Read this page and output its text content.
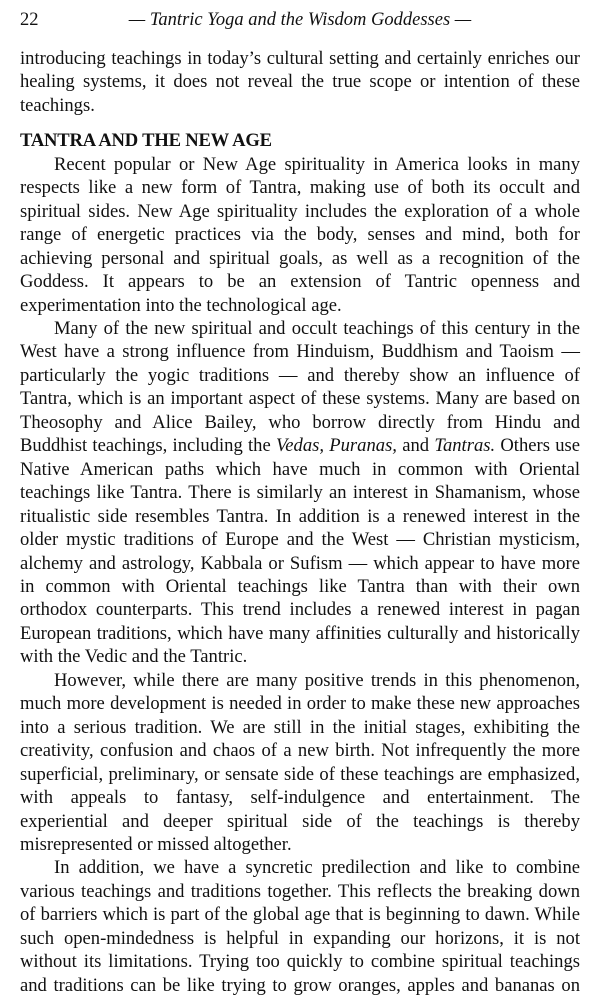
22	— Tantric Yoga and the Wisdom Goddesses —

introducing teachings in today’s cultural setting and certainly enriches our healing systems, it does not reveal the true scope or intention of these teachings.

TANTRA AND THE NEW AGE

Recent popular or New Age spirituality in America looks in many respects like a new form of Tantra, making use of both its occult and spiritual sides. New Age spirituality includes the exploration of a whole range of energetic practices via the body, senses and mind, both for achieving personal and spiritual goals, as well as a recognition of the Goddess. It appears to be an extension of Tantric openness and experimentation into the technological age.

Many of the new spiritual and occult teachings of this century in the West have a strong influence from Hinduism, Buddhism and Taoism — particularly the yogic traditions — and thereby show an influence of Tantra, which is an important aspect of these systems. Many are based on Theosophy and Alice Bailey, who borrow directly from Hindu and Buddhist teachings, including the Vedas, Puranas, and Tantras. Others use Native American paths which have much in common with Oriental teachings like Tantra. There is similarly an interest in Shamanism, whose ritualistic side resembles Tantra. In addition is a renewed interest in the older mystic traditions of Europe and the West — Christian mysticism, alchemy and astrology, Kabbala or Sufism — which appear to have more in common with Oriental teachings like Tantra than with their own orthodox counterparts. This trend includes a renewed interest in pagan European traditions, which have many affinities culturally and historically with the Vedic and the Tantric.

However, while there are many positive trends in this phenomenon, much more development is needed in order to make these new approaches into a serious tradition. We are still in the initial stages, exhibiting the creativity, confusion and chaos of a new birth. Not infrequently the more superficial, preliminary, or sensate side of these teachings are emphasized, with appeals to fantasy, self-indulgence and entertainment. The experiential and deeper spiritual side of the teachings is thereby misrepresented or missed altogether.

In addition, we have a syncretic predilection and like to combine various teachings and traditions together. This reflects the breaking down of barriers which is part of the global age that is beginning to dawn. While such open-mindedness is helpful in expanding our horizons, it is not without its limitations. Trying too quickly to combine spiritual teachings and traditions can be like trying to grow oranges, apples and bananas on
